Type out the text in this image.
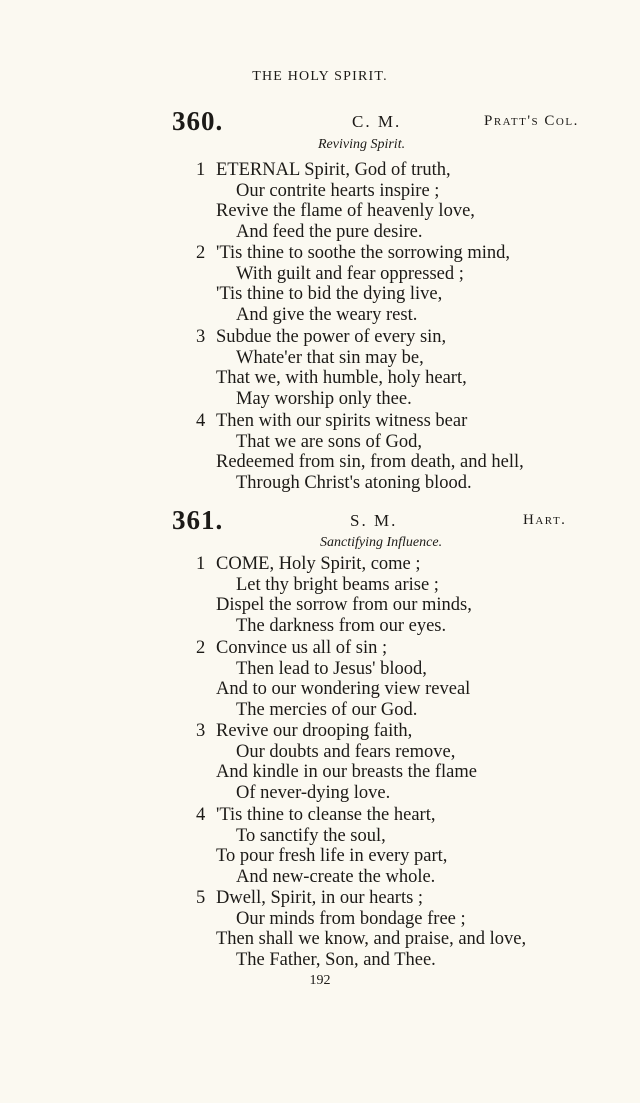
THE HOLY SPIRIT.
360.	C. M.	Pratt's Col.
Reviving Spirit.
1 ETERNAL Spirit, God of truth,
Our contrite hearts inspire ;
Revive the flame of heavenly love,
And feed the pure desire.
2 'Tis thine to soothe the sorrowing mind,
With guilt and fear oppressed ;
'Tis thine to bid the dying live,
And give the weary rest.
3 Subdue the power of every sin,
Whate'er that sin may be,
That we, with humble, holy heart,
May worship only thee.
4 Then with our spirits witness bear
That we are sons of God,
Redeemed from sin, from death, and hell,
Through Christ's atoning blood.
361.	S. M.	Hart.
Sanctifying Influence.
1 COME, Holy Spirit, come ;
Let thy bright beams arise ;
Dispel the sorrow from our minds,
The darkness from our eyes.
2 Convince us all of sin ;
Then lead to Jesus' blood,
And to our wondering view reveal
The mercies of our God.
3 Revive our drooping faith,
Our doubts and fears remove,
And kindle in our breasts the flame
Of never-dying love.
4 'Tis thine to cleanse the heart,
To sanctify the soul,
To pour fresh life in every part,
And new-create the whole.
5 Dwell, Spirit, in our hearts ;
Our minds from bondage free ;
Then shall we know, and praise, and love,
The Father, Son, and Thee.
192
